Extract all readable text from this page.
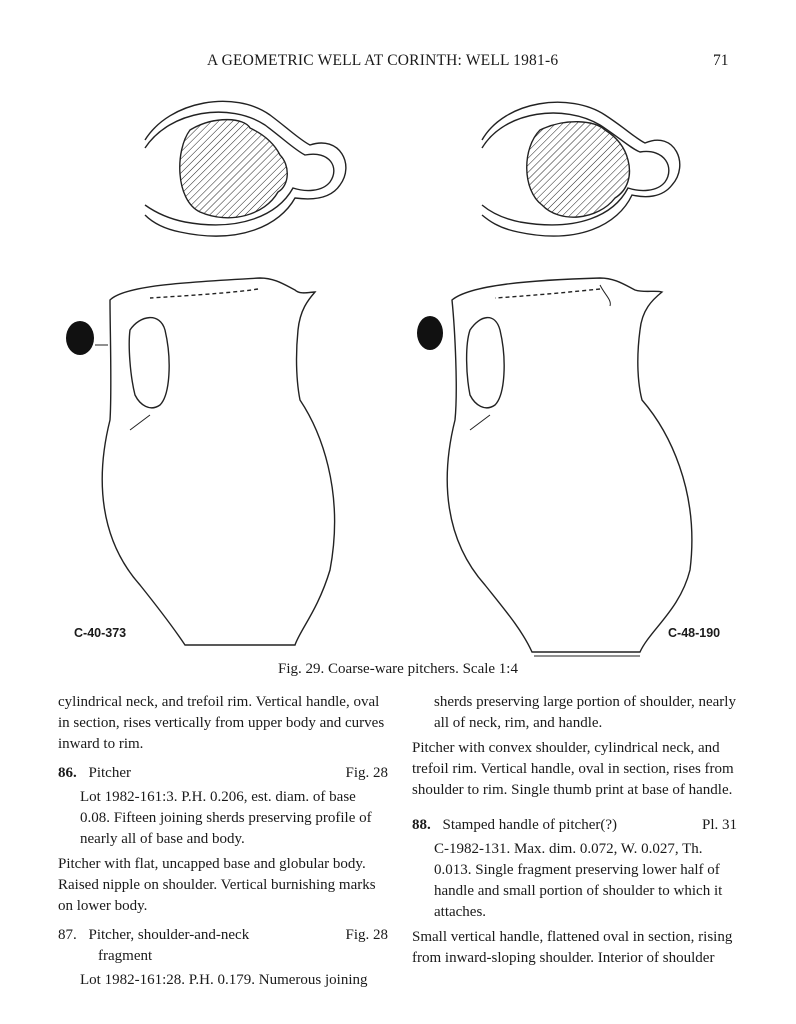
A GEOMETRIC WELL AT CORINTH: WELL 1981-6	71
C-40-373	C-48-190
Fig. 29. Coarse-ware pitchers. Scale 1:4

cylindrical neck, and trefoil rim. Vertical handle, oval in section, rises vertically from upper body and curves inward to rim.

86. Pitcher	Fig. 28

Lot 1982-161:3. P.H. 0.206, est. diam. of base 0.08. Fifteen joining sherds preserving profile of nearly all of base and body.

Pitcher with flat, uncapped base and globular body. Raised nipple on shoulder. Vertical burnishing marks on lower body.

87. Pitcher, shoulder-and-neck	Fig. 28
fragment

Lot 1982-161:28. P.H. 0.179. Numerous joining

sherds preserving large portion of shoulder, nearly all of neck, rim, and handle.

Pitcher with convex shoulder, cylindrical neck, and trefoil rim. Vertical handle, oval in section, rises from shoulder to rim. Single thumb print at base of handle.

88. Stamped handle of pitcher(?)	Pl. 31

C-1982-131. Max. dim. 0.072, W. 0.027, Th. 0.013. Single fragment preserving lower half of handle and small portion of shoulder to which it attaches.

Small vertical handle, flattened oval in section, rising from inward-sloping shoulder. Interior of shoulder
